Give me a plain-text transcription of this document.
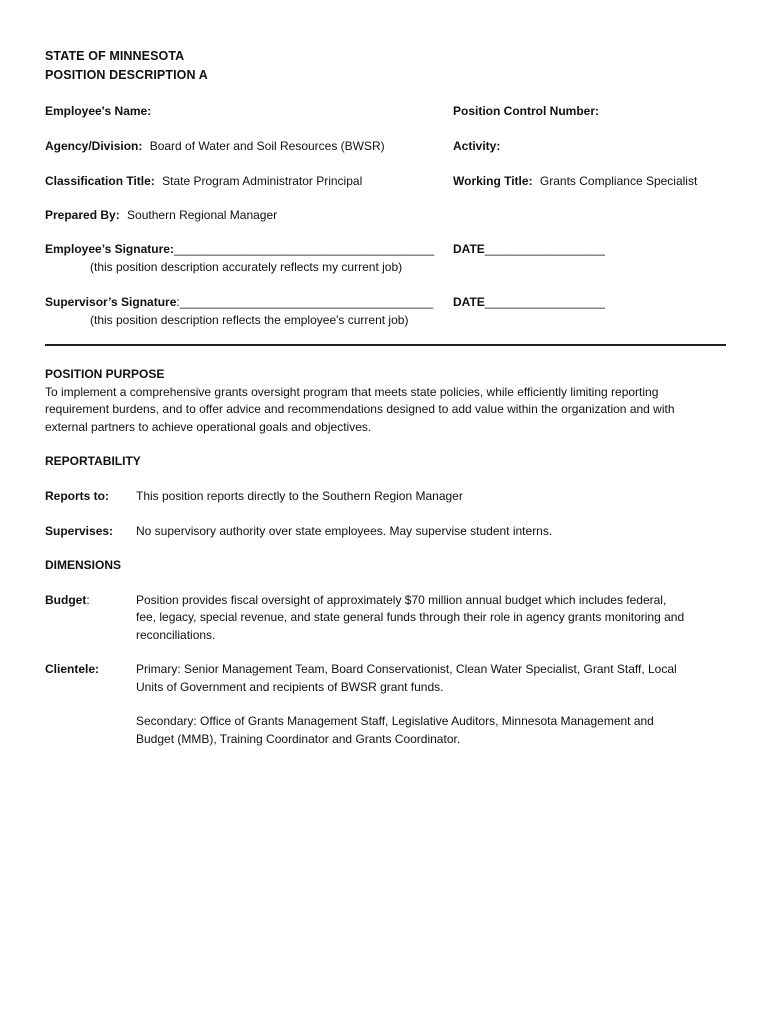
STATE OF MINNESOTA
POSITION DESCRIPTION A
Employee's Name:	Position Control Number:
Agency/Division: Board of Water and Soil Resources (BWSR)	Activity:
Classification Title: State Program Administrator Principal	Working Title: Grants Compliance Specialist
Prepared By: Southern Regional Manager
Employee’s Signature:_______________________________________
(this position description accurately reflects my current job)
DATE__________________
Supervisor’s Signature:______________________________________
(this position description reflects the employee's current job)
DATE__________________
POSITION PURPOSE
To implement a comprehensive grants oversight program that meets state policies, while efficiently limiting reporting
requirement burdens, and to offer advice and recommendations designed to add value within the organization and with
external partners to achieve operational goals and objectives.
REPORTABILITY
Reports to: This position reports directly to the Southern Region Manager
Supervises: No supervisory authority over state employees. May supervise student interns.
DIMENSIONS
Budget:	Position provides fiscal oversight of approximately $70 million annual budget which includes federal,
fee, legacy, special revenue, and state general funds through their role in agency grants monitoring and
reconciliations.
Clientele:	Primary: Senior Management Team, Board Conservationist, Clean Water Specialist, Grant Staff, Local
Units of Government and recipients of BWSR grant funds.
Secondary: Office of Grants Management Staff, Legislative Auditors, Minnesota Management and
Budget (MMB), Training Coordinator and Grants Coordinator.
